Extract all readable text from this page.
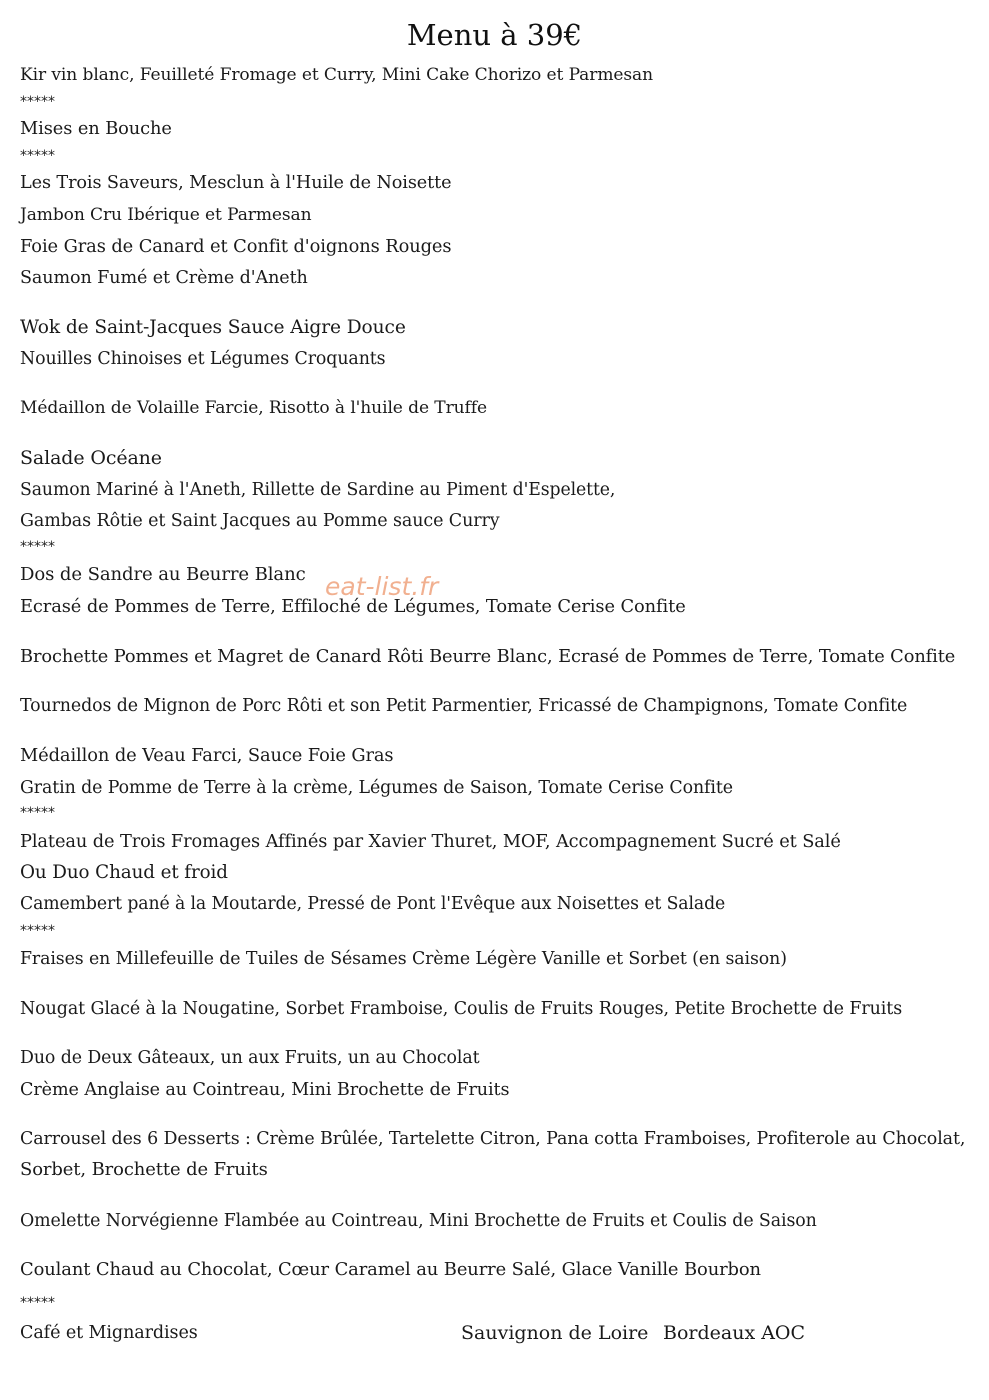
Menu à 39€
Kir vin blanc, Feuilleté Fromage et Curry, Mini Cake Chorizo et Parmesan
Mises en Bouche
Les Trois Saveurs, Mesclun à l'Huile de Noisette
Jambon Cru Ibérique et Parmesan
Foie Gras de Canard et Confit d'oignons Rouges
Saumon Fumé et Crème d'Aneth
Wok de Saint-Jacques Sauce Aigre Douce
Nouilles Chinoises et Légumes Croquants
Médaillon de Volaille Farcie, Risotto à l'huile de Truffe
Salade Océane
Saumon Mariné à l'Aneth, Rillette de Sardine au Piment d'Espelette,
Gambas Rôtie et Saint Jacques au Pomme sauce Curry
Dos de Sandre au Beurre Blanc
Ecrasé de Pommes de Terre, Effiloché de Légumes, Tomate Cerise Confite
Brochette Pommes et Magret de Canard Rôti Beurre Blanc, Ecrasé de Pommes de Terre, Tomate Confite
Tournedos de Mignon de Porc Rôti et son Petit Parmentier, Fricassé de Champignons, Tomate Confite
Médaillon de Veau Farci, Sauce Foie Gras
Gratin de Pomme de Terre à la crème, Légumes de Saison, Tomate Cerise Confite
Plateau de Trois Fromages Affinés par Xavier Thuret, MOF, Accompagnement Sucré et Salé
Ou Duo Chaud et froid
Camembert pané à la Moutarde, Pressé de Pont l'Evêque aux Noisettes et Salade
Fraises en Millefeuille de Tuiles de Sésames Crème Légère Vanille et Sorbet (en saison)
Nougat Glacé à la Nougatine, Sorbet Framboise, Coulis de Fruits Rouges, Petite Brochette de Fruits
Duo de Deux Gâteaux, un aux Fruits, un au Chocolat
Crème Anglaise au Cointreau, Mini Brochette de Fruits
Carrousel des 6 Desserts : Crème Brûlée, Tartelette Citron, Pana cotta Framboises, Profiterole au Chocolat,
Sorbet, Brochette de Fruits
Omelette Norvégienne Flambée au Cointreau, Mini Brochette de Fruits et Coulis de Saison
Coulant Chaud au Chocolat, Cœur Caramel au Beurre Salé, Glace Vanille Bourbon
Café et Mignardises
*****
*****
*****
*****
*****
*****
eat-list.fr
Sauvignon de Loire Bordeaux AOC
